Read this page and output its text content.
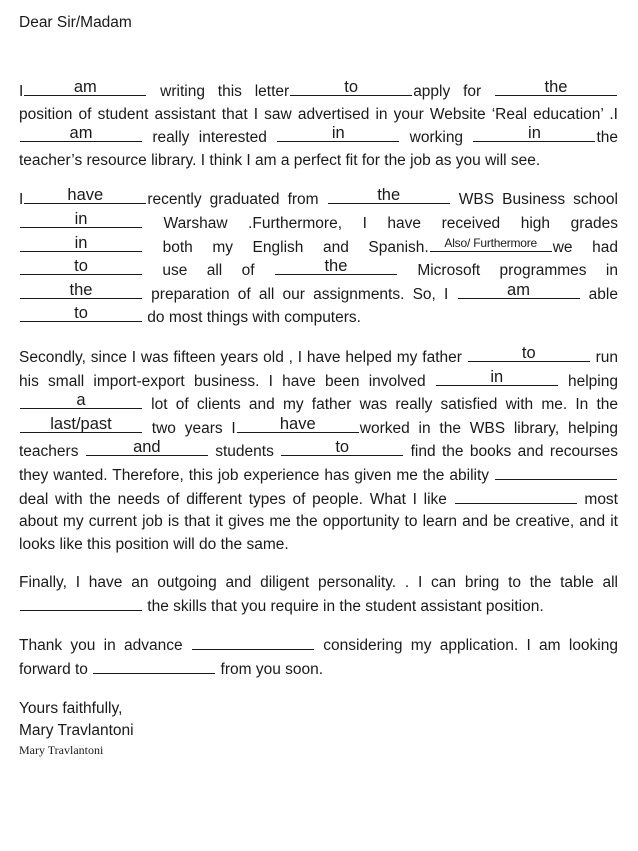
Dear Sir/Madam

I	am	writing this letter	to	apply for	the
position of student assistant that I saw advertised in your Website ‘Real education’ .I
am	really interested	in	working	in	the teacher’s resource library. I think I am a perfect fit for the job as you will see.

I	have	recently graduated from	the	WBS Business school
in	Warshaw .Furthermore, I have received high grades
in	both my English and Spanish.	Also/ Furthermore	we had
to	use all of	the	Microsoft programmes in
the	preparation of all our assignments. So, I	am	able
to	do most things with computers.

Secondly, since I was fifteen years old , I have helped my father	to	run his small import-export business. I have been involved	in	helping
a	lot of clients and my father was really satisfied with me. In the
last/past	two years I	have	worked in the WBS library, helping teachers	and	students	to	find the books and recourses they wanted. Therefore, this job experience has given me the ability
deal with the needs of different types of people. What I like	most about my current job is that it gives me the opportunity to learn and be creative, and it looks like this position will do the same.

Finally, I have an outgoing and diligent personality. . I can bring to the table all
the skills that you require in the student assistant position.

Thank you in advance	considering my application. I am looking forward to	from you soon.

Yours faithfully,
Mary Travlantoni
Mary Travlantoni
